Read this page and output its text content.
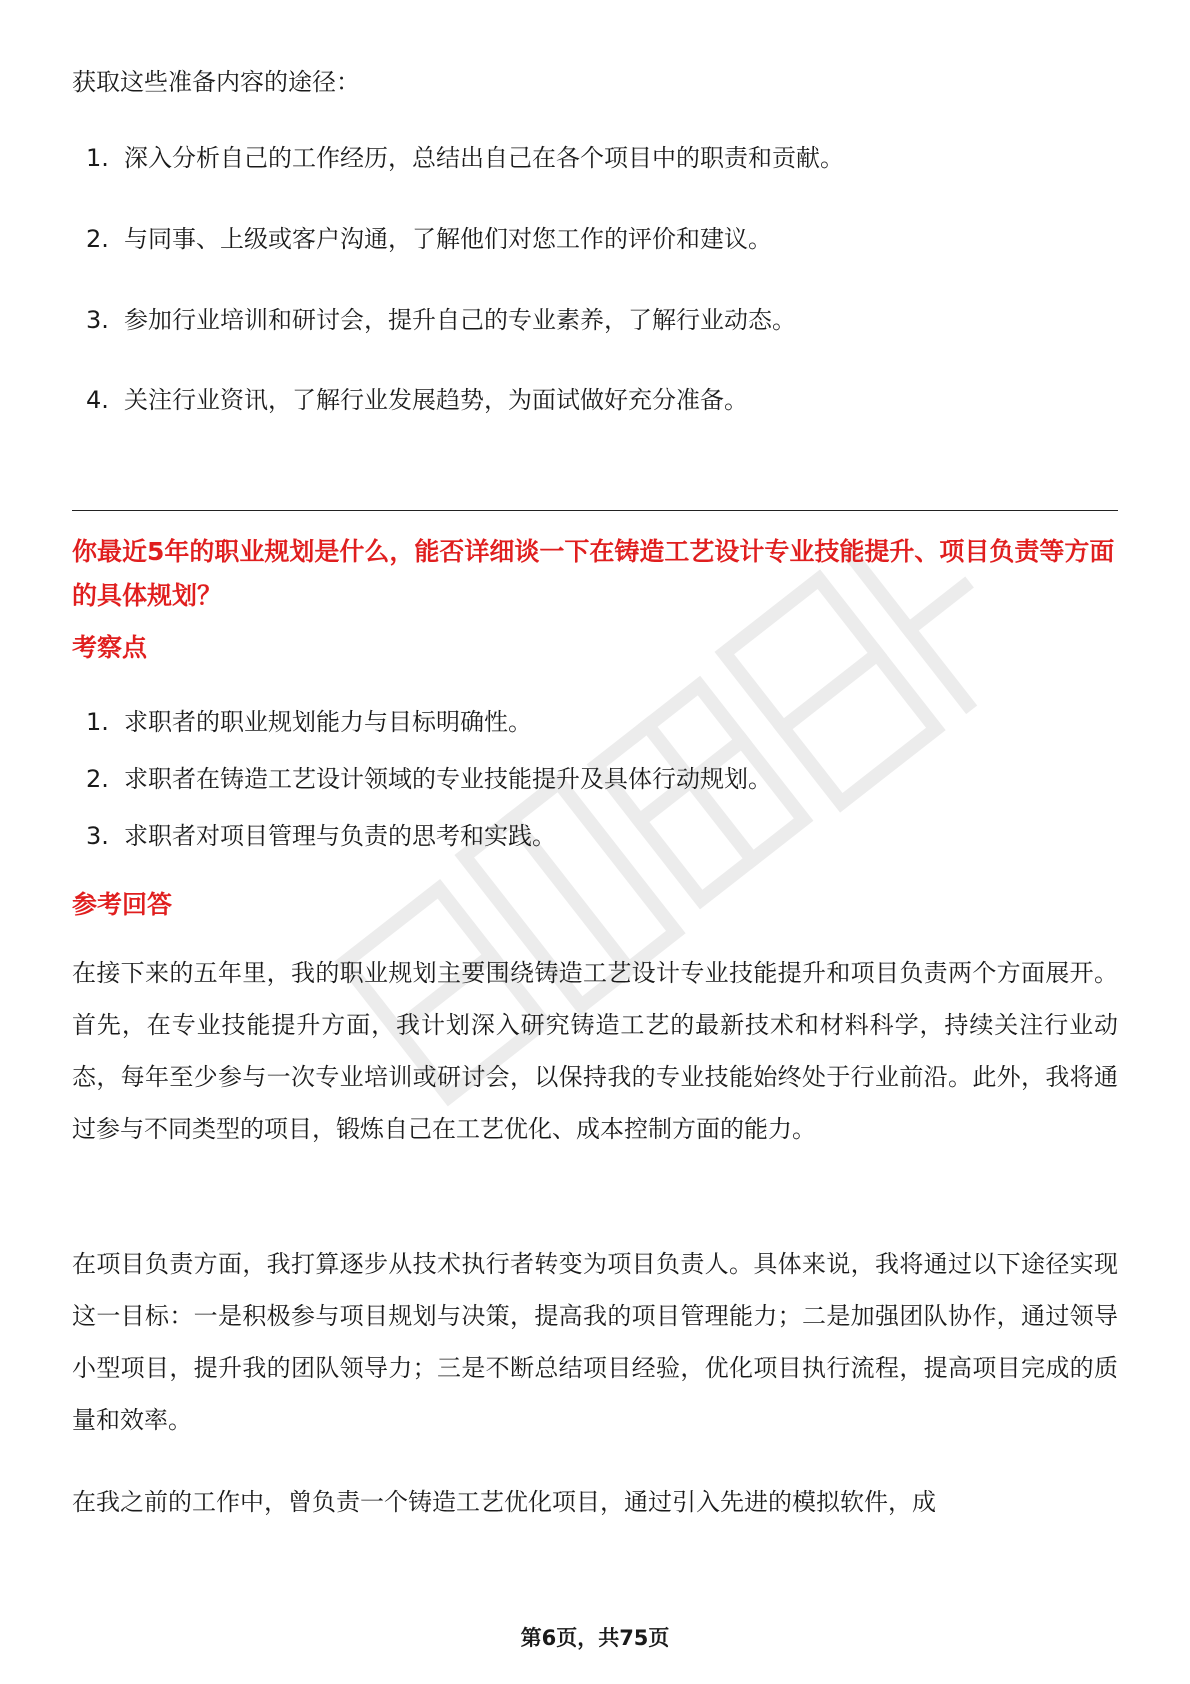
获取这些准备内容的途径：

1. 深入分析自己的工作经历，总结出自己在各个项目中的职责和贡献。
2. 与同事、上级或客户沟通，了解他们对您工作的评价和建议。
3. 参加行业培训和研讨会，提升自己的专业素养，了解行业动态。
4. 关注行业资讯，了解行业发展趋势，为面试做好充分准备。
你最近5年的职业规划是什么，能否详细谈一下在铸造工艺设计专业技能提升、项目负责等方面的具体规划？
考察点
1. 求职者的职业规划能力与目标明确性。
2. 求职者在铸造工艺设计领域的专业技能提升及具体行动规划。
3. 求职者对项目管理与负责的思考和实践。
参考回答

在接下来的五年里，我的职业规划主要围绕铸造工艺设计专业技能提升和项目负责两个方面展开。首先，在专业技能提升方面，我计划深入研究铸造工艺的最新技术和材料科学，持续关注行业动态，每年至少参与一次专业培训或研讨会，以保持我的专业技能始终处于行业前沿。此外，我将通过参与不同类型的项目，锻炼自己在工艺优化、成本控制方面的能力。

在项目负责方面，我打算逐步从技术执行者转变为项目负责人。具体来说，我将通过以下途径实现这一目标：一是积极参与项目规划与决策，提高我的项目管理能力；二是加强团队协作，通过领导小型项目，提升我的团队领导力；三是不断总结项目经验，优化项目执行流程，提高项目完成的质量和效率。

在我之前的工作中，曾负责一个铸造工艺优化项目，通过引入先进的模拟软件，成

第6页，共75页
